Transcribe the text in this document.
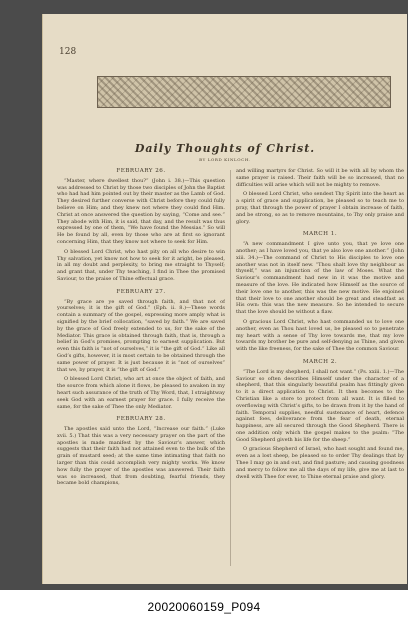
128

Daily Thoughts of Christ.

BY LORD KINLOCH.

FEBRUARY 26.

“Master, where dwellest thou?” (John i. 38.)—This question was addressed to Christ by those two disciples of John the Baptist who had had him pointed out by their master as the Lamb of God. They desired further converse with Christ before they could fully believe on Him; and they knew not where they could find Him. Christ at once answered the question by saying, “Come and see.” They abode with Him, it is said, that day, and the result was thus expressed by one of them, “We have found the Messias.” So will He be found by all, even by those who are at first so ignorant concerning Him, that they know not where to seek for Him.

O blessed Lord Christ, who hast pity on all who desire to win Thy salvation, yet know not how to seek for it aright, be pleased, in all my doubt and perplexity, to bring me straight to Thyself; and grant that, under Thy teaching, I find in Thee the promised Saviour, to the praise of Thine effectual grace.

FEBRUARY 27.

“By grace are ye saved through faith, and that not of yourselves; it is the gift of God.” (Eph. ii. 8.)—These words contain a summary of the gospel, expressing more amply what is signified by the brief collocation, “saved by faith.” We are saved by the grace of God freely extended to us, for the sake of the Mediator. This grace is obtained through faith, that is, through a belief in God’s promises, prompting to earnest supplication. But even this faith is “not of ourselves,” it is “the gift of God.” Like all God’s gifts, however, it is most certain to be obtained through the same power of prayer. It is just because it is “not of ourselves” that we, by prayer, it is “the gift of God.”

O blessed Lord Christ, who art at once the object of faith, and the source from which alone it flows, be pleased to awaken in my heart such assurance of the truth of Thy Word, that, I straightway seek God with an earnest prayer for grace. I fully receive the same, for the sake of Thee the only Mediator.

FEBRUARY 28.

The apostles said unto the Lord, “Increase our faith.” (Luke xvii. 5.) That this was a very necessary prayer on the part of the apostles is made manifest by the Saviour’s answer, which suggests that their faith had not attained even to the bulk of the grain of mustard seed; at the same time intimating that faith no larger than this could accomplish very mighty works. We know how fully the prayer of the apostles was answered. Their faith was so increased, that from doubting, fearful friends, they became bold champions,

and willing martyrs for Christ. So will it be with all by whom the same prayer is raised. Their faith will be so increased, that no difficulties will arise which will not be mighty to remove.

O blessed Lord Christ, who sendest Thy Spirit into the heart as a spirit of grace and supplication, be pleased so to teach me to pray, that through the power of prayer I obtain increase of faith, and be strong, so as to remove mountains, to Thy only praise and glory.

MARCH 1.

“A new commandment I give unto you, that ye love one another; as I have loved you, that ye also love one another.” (John xiii. 34.)—The command of Christ to His disciples to love one another was not in itself new. “Thou shalt love thy neighbour as thyself,” was an injunction of the law of Moses. What the Saviour’s commandment had new in it was the motive and measure of the love. He indicated how Himself as the source of their love one to another, this was the new motive. He enjoined that their love to one another should be great and steadfast as His own: this was the new measure. So he intended to secure that the love should be without a flaw.

O gracious Lord Christ, who hast commanded us to love one another, even as Thou hast loved us, be pleased so to penetrate my heart with a sense of Thy love towards me, that my love towards my brother be pure and self-denying as Thine, and given with the like freeness, for the sake of Thee the common Saviour.

MARCH 2.

“The Lord is my shepherd, I shall not want.” (Ps. xxiii. 1.)—The Saviour so often describes Himself under the character of a shepherd, that this singularly beautiful psalm has fittingly given to it a direct application to Christ. It then becomes to the Christian like a store to protect from all want. It is filled to overflowing with Christ’s gifts, to be drawn from it by the hand of faith. Temporal supplies, needful sustenance of heart, defence against foes, deliverance from the fear of death, eternal happiness, are all secured through the Good Shepherd. There is one addition only which the gospel makes to the psalm: “The Good Shepherd giveth his life for the sheep.”

O gracious Shepherd of Israel, who hast sought and found me, even as a lost sheep, be pleased so to order Thy dealings that by Thee I may go in and out, and find pasture; and causing goodness and mercy to follow me all the days of my life, give me at last to dwell with Thee for ever, to Thine eternal praise and glory.

20020060159_P094
